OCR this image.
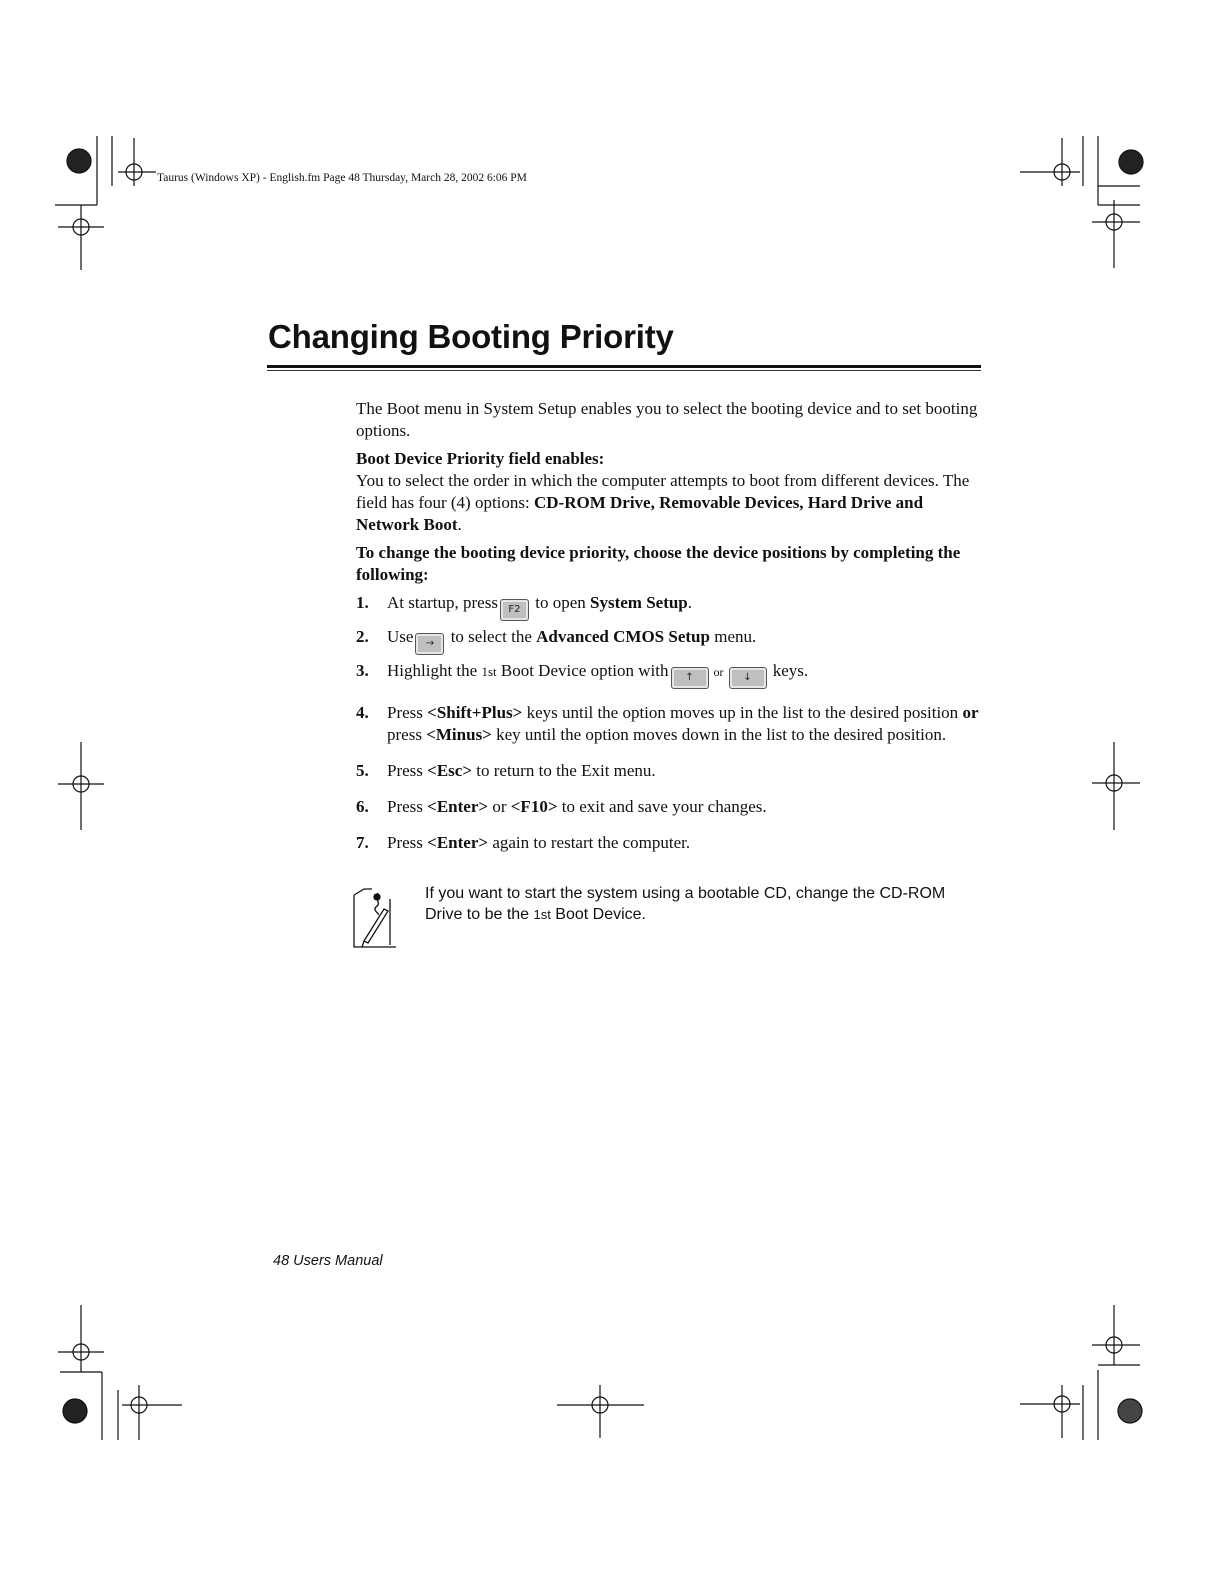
Taurus (Windows XP) - English.fm Page 48 Thursday, March 28, 2002 6:06 PM
Changing Booting Priority

The Boot menu in System Setup enables you to select the booting device and to set booting options.

Boot Device Priority field enables:

You to select the order in which the computer attempts to boot from different devices. The field has four (4) options: CD-ROM Drive, Removable Devices, Hard Drive and Network Boot.

To change the booting device priority, choose the device positions by completing the following:

1. At startup, press F2 to open System Setup.
2. Use → to select the Advanced CMOS Setup menu.
3. Highlight the 1st Boot Device option with ↑ or ↓ keys.
4. Press <Shift+Plus> keys until the option moves up in the list to the desired position or press <Minus> key until the option moves down in the list to the desired position.
5. Press <Esc> to return to the Exit menu.
6. Press <Enter> or <F10> to exit and save your changes.
7. Press <Enter> again to restart the computer.
If you want to start the system using a bootable CD, change the CD-ROM Drive to be the 1st Boot Device.
48 Users Manual
